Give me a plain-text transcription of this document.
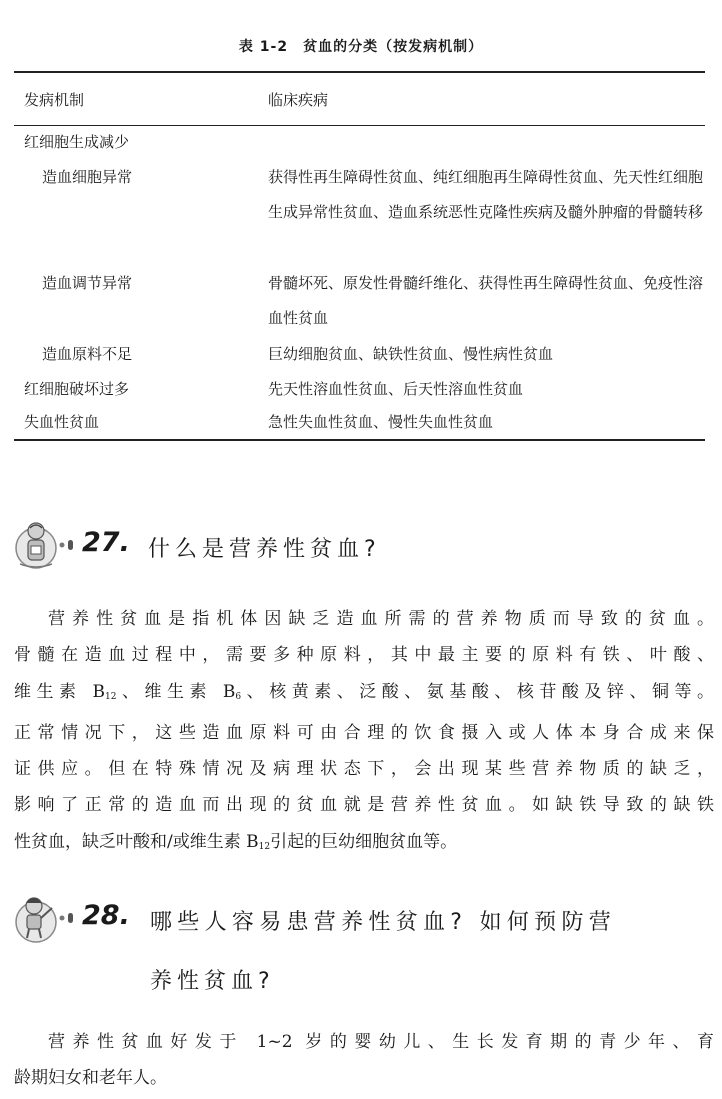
表 1-2　贫血的分类（按发病机制）
发病机制	临床疾病
红细胞生成减少
造血细胞异常	获得性再生障碍性贫血、纯红细胞再生障碍性贫血、先天性红细胞生成异常性贫血、造血系统恶性克隆性疾病及髓外肿瘤的骨髓转移
造血调节异常	骨髓坏死、原发性骨髓纤维化、获得性再生障碍性贫血、免疫性溶血性贫血
造血原料不足	巨幼细胞贫血、缺铁性贫血、慢性病性贫血
红细胞破坏过多	先天性溶血性贫血、后天性溶血性贫血
失血性贫血	急性失血性贫血、慢性失血性贫血
27. 什么是营养性贫血?
营养性贫血是指机体因缺乏造血所需的营养物质而导致的贫血。
骨髓在造血过程中，需要多种原料，其中最主要的原料有铁、叶酸、
维生素 $B_{12}$、维生素 $B_6$、核黄素、泛酸、氨基酸、核苷酸及锌、铜等。
正常情况下，这些造血原料可由合理的饮食摄入或人体本身合成来保
证供应。但在特殊情况及病理状态下，会出现某些营养物质的缺乏，
影响了正常的造血而出现的贫血就是营养性贫血。如缺铁导致的缺铁
性贫血，缺乏叶酸和/或维生素 $B_{12}$引起的巨幼细胞贫血等。
28. 哪些人容易患营养性贫血? 如何预防营
养性贫血?
营养性贫血好发于 1~2 岁的婴幼儿、生长发育期的青少年、育
龄期妇女和老年人。
